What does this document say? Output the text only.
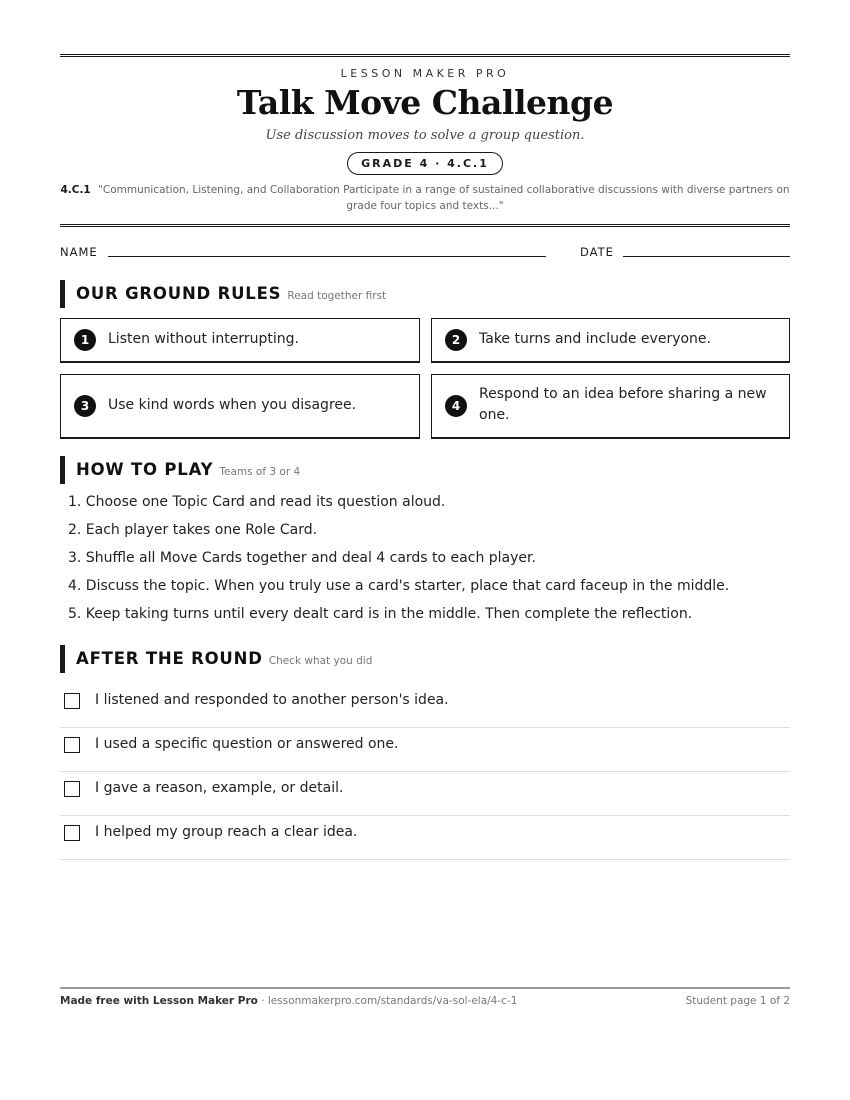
LESSON MAKER PRO
Talk Move Challenge
Use discussion moves to solve a group question.
GRADE 4 · 4.C.1
4.C.1 "Communication, Listening, and Collaboration Participate in a range of sustained collaborative discussions with diverse partners on grade four topics and texts..."
NAME	DATE
OUR GROUND RULES Read together first
1	Listen without interrupting.	2	Take turns and include everyone.
3	Use kind words when you disagree.	4
Respond to an idea before sharing a new one.
HOW TO PLAY Teams of 3 or 4
1. Choose one Topic Card and read its question aloud.
2. Each player takes one Role Card.
3. Shuffle all Move Cards together and deal 4 cards to each player.
4. Discuss the topic. When you truly use a card's starter, place that card faceup in the middle.
5. Keep taking turns until every dealt card is in the middle. Then complete the reflection.
AFTER THE ROUND Check what you did
I listened and responded to another person's idea.
I used a specific question or answered one.
I gave a reason, example, or detail.
I helped my group reach a clear idea.
Made free with Lesson Maker Pro · lessonmakerpro.com/standards/va-sol-ela/4-c-1	Student page 1 of 2
